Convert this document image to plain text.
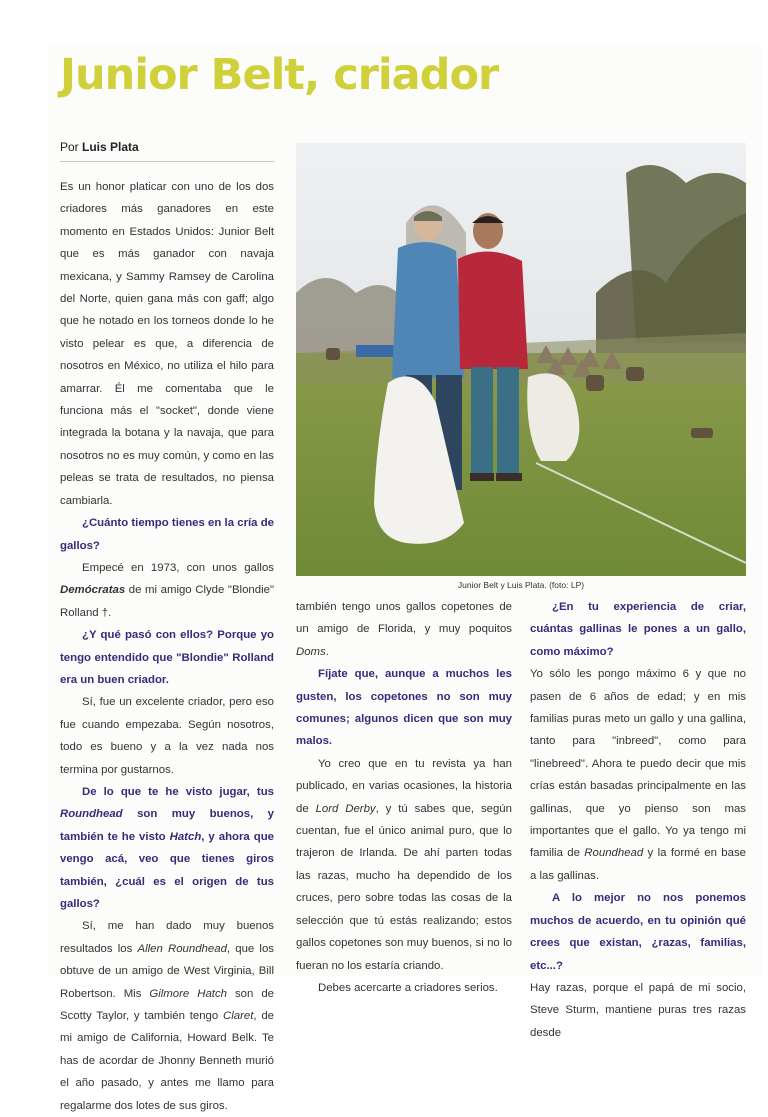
Junior Belt, criador
Por Luis Plata

Es un honor platicar con uno de los dos criadores más ganadores en este momento en Estados Unidos: Junior Belt que es más ganador con navaja mexicana, y Sammy Ramsey de Carolina del Norte, quien gana más con gaff; algo que he notado en los torneos donde lo he visto pelear es que, a diferencia de nosotros en México, no utiliza el hilo para amarrar. Él me comentaba que le funciona más el "socket", donde viene integrada la botana y la navaja, que para nosotros no es muy común, y como en las peleas se trata de resultados, no piensa cambiarla.

¿Cuánto tiempo tienes en la cría de gallos?

Empecé en 1973, con unos gallos Demócratas de mi amigo Clyde "Blondie" Rolland †.

¿Y qué pasó con ellos? Porque yo tengo entendido que "Blondie" Rolland era un buen criador.

Sí, fue un excelente criador, pero eso fue cuando empezaba. Según nosotros, todo es bueno y a la vez nada nos termina por gustarnos.

De lo que te he visto jugar, tus Roundhead son muy buenos, y también te he visto Hatch, y ahora que vengo acá, veo que tienes giros también, ¿cuál es el origen de tus gallos?

Sí, me han dado muy buenos resultados los Allen Roundhead, que los obtuve de un amigo de West Virginia, Bill Robertson. Mis Gilmore Hatch son de Scotty Taylor, y también tengo Claret, de mi amigo de California, Howard Belk. Te has de acordar de Jhonny Benneth murió el año pasado, y antes me llamo para regalarme dos lotes de sus giros.

Junior Belt y Luis Plata. (foto: LP)

también tengo unos gallos copetones de un amigo de Florida, y muy poquitos Doms.

Fíjate que, aunque a muchos les gusten, los copetones no son muy comunes; algunos dicen que son muy malos.

Yo creo que en tu revista ya han publicado, en varias ocasiones, la historia de Lord Derby, y tú sabes que, según cuentan, fue el único animal puro, que lo trajeron de Irlanda. De ahí parten todas las razas, mucho ha dependido de los cruces, pero sobre todas las cosas de la selección que tú estás realizando; estos gallos copetones son muy buenos, si no lo fueran no los estaría criando.

Debes acercarte a criadores serios.

¿En tu experiencia de criar, cuántas gallinas le pones a un gallo, como máximo?

Yo sólo les pongo máximo 6 y que no pasen de 6 años de edad; y en mis familias puras meto un gallo y una gallina, tanto para "inbreed", como para "linebreed". Ahora te puedo decir que mis crías están basadas principalmente en las gallinas, que yo pienso son mas importantes que el gallo. Yo ya tengo mi familia de Roundhead y la formé en base a las gallinas.

A lo mejor no nos ponemos muchos de acuerdo, en tu opinión qué crees que existan, ¿razas, familias, etc...?

Hay razas, porque el papá de mi socio, Steve Sturm, mantiene puras tres razas desde
